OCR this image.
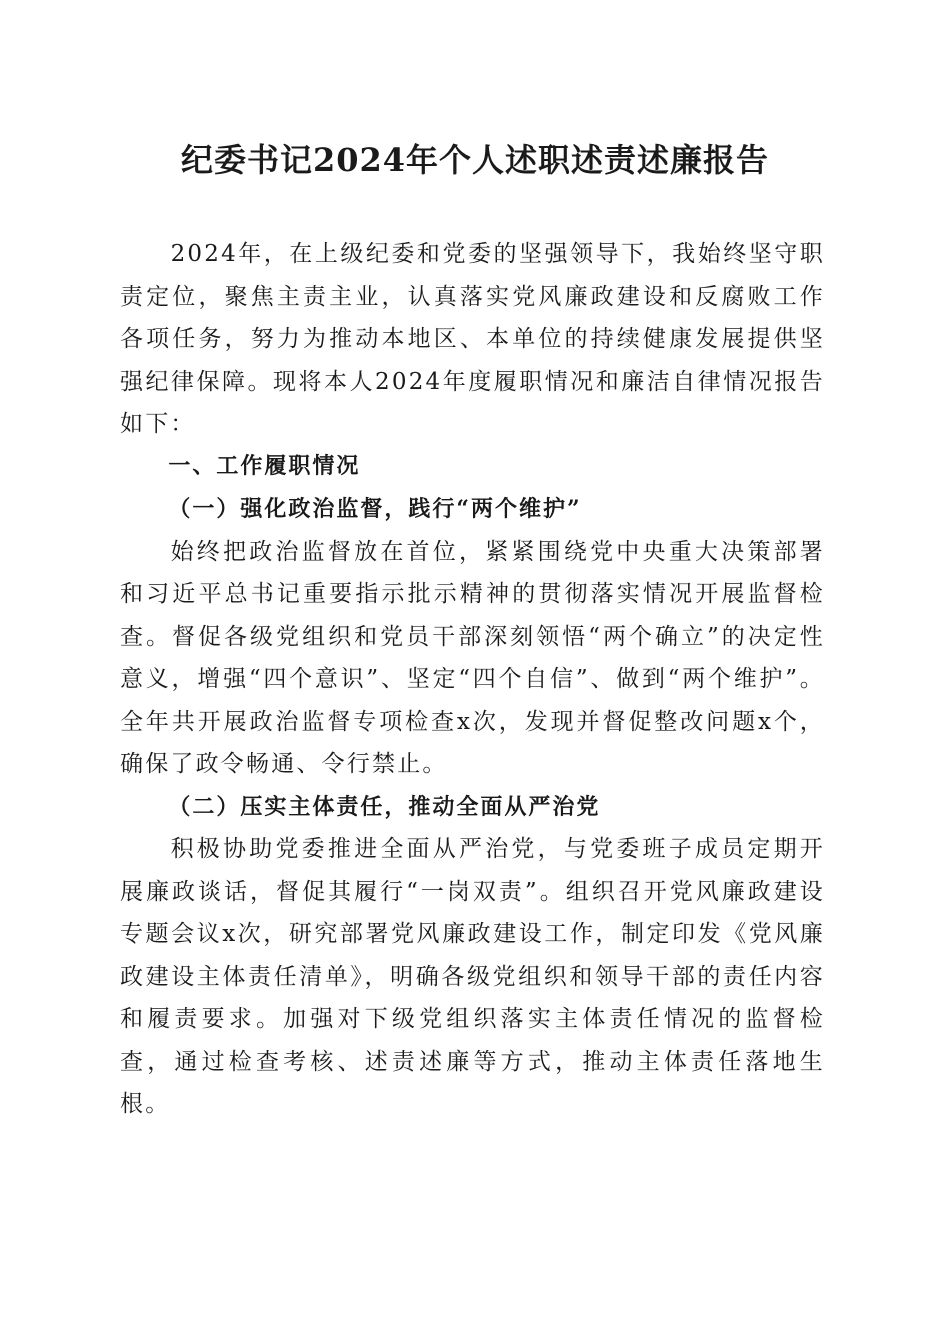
纪委书记2024年个人述职述责述廉报告

2024年，在上级纪委和党委的坚强领导下，我始终坚守职责定位，聚焦主责主业，认真落实党风廉政建设和反腐败工作各项任务，努力为推动本地区、本单位的持续健康发展提供坚强纪律保障。现将本人2024年度履职情况和廉洁自律情况报告如下：

一、工作履职情况
（一）强化政治监督，践行“两个维护”

始终把政治监督放在首位，紧紧围绕党中央重大决策部署和习近平总书记重要指示批示精神的贯彻落实情况开展监督检查。督促各级党组织和党员干部深刻领悟“两个确立”的决定性意义，增强“四个意识”、坚定“四个自信”、做到“两个维护”。全年共开展政治监督专项检查x次，发现并督促整改问题x个，确保了政令畅通、令行禁止。

（二）压实主体责任，推动全面从严治党

积极协助党委推进全面从严治党，与党委班子成员定期开展廉政谈话，督促其履行“一岗双责”。组织召开党风廉政建设专题会议x次，研究部署党风廉政建设工作，制定印发《党风廉政建设主体责任清单》，明确各级党组织和领导干部的责任内容和履责要求。加强对下级党组织落实主体责任情况的监督检查，通过检查考核、述责述廉等方式，推动主体责任落地生根。
